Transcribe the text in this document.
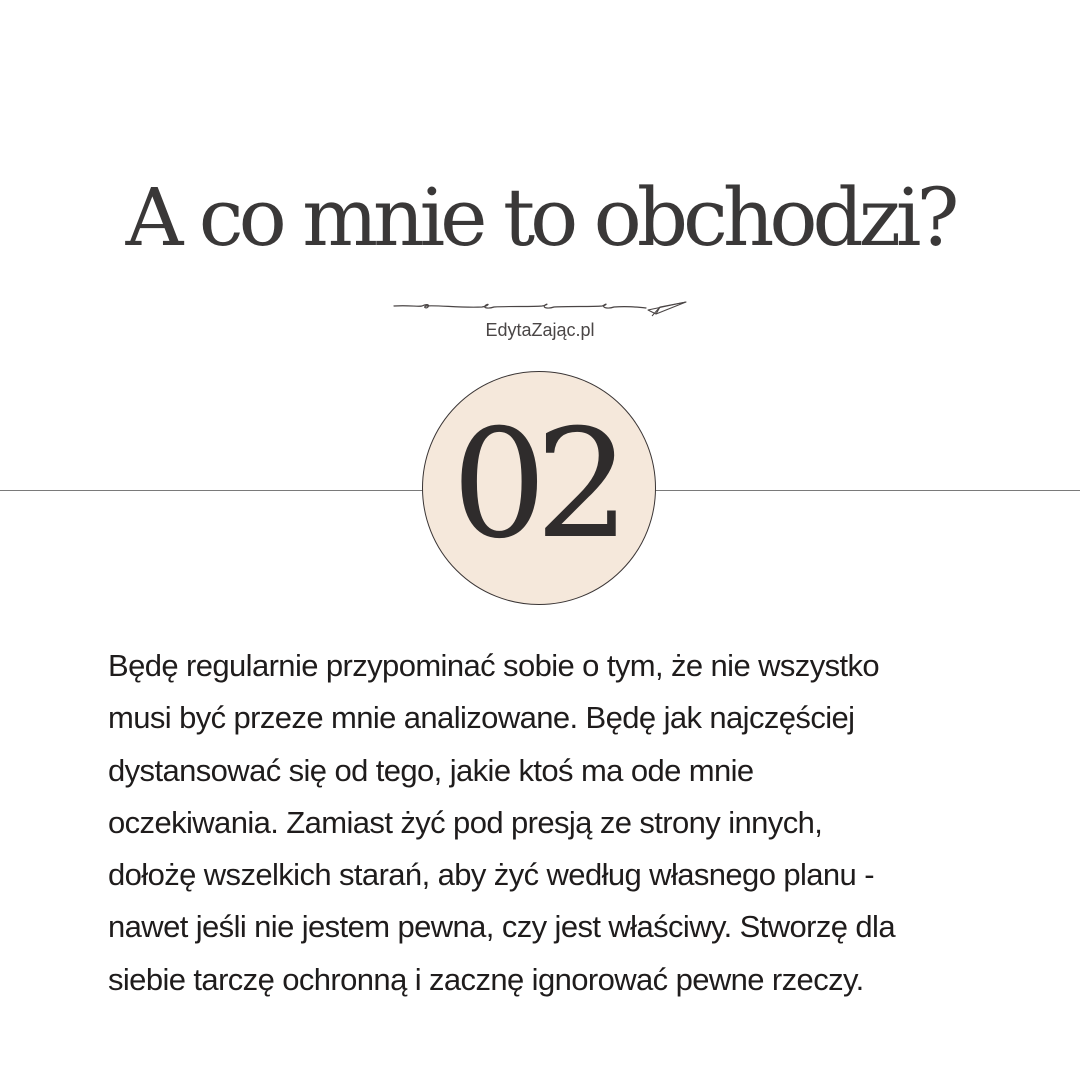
A co mnie to obchodzi?
EdytaZając.pl
02

Będę regularnie przypominać sobie o tym, że nie wszystko
musi być przeze mnie analizowane. Będę jak najczęściej
dystansować się od tego, jakie ktoś ma ode mnie
oczekiwania. Zamiast żyć pod presją ze strony innych,
dołożę wszelkich starań, aby żyć według własnego planu -
nawet jeśli nie jestem pewna, czy jest właściwy. Stworzę dla
siebie tarczę ochronną i zacznę ignorować pewne rzeczy.
